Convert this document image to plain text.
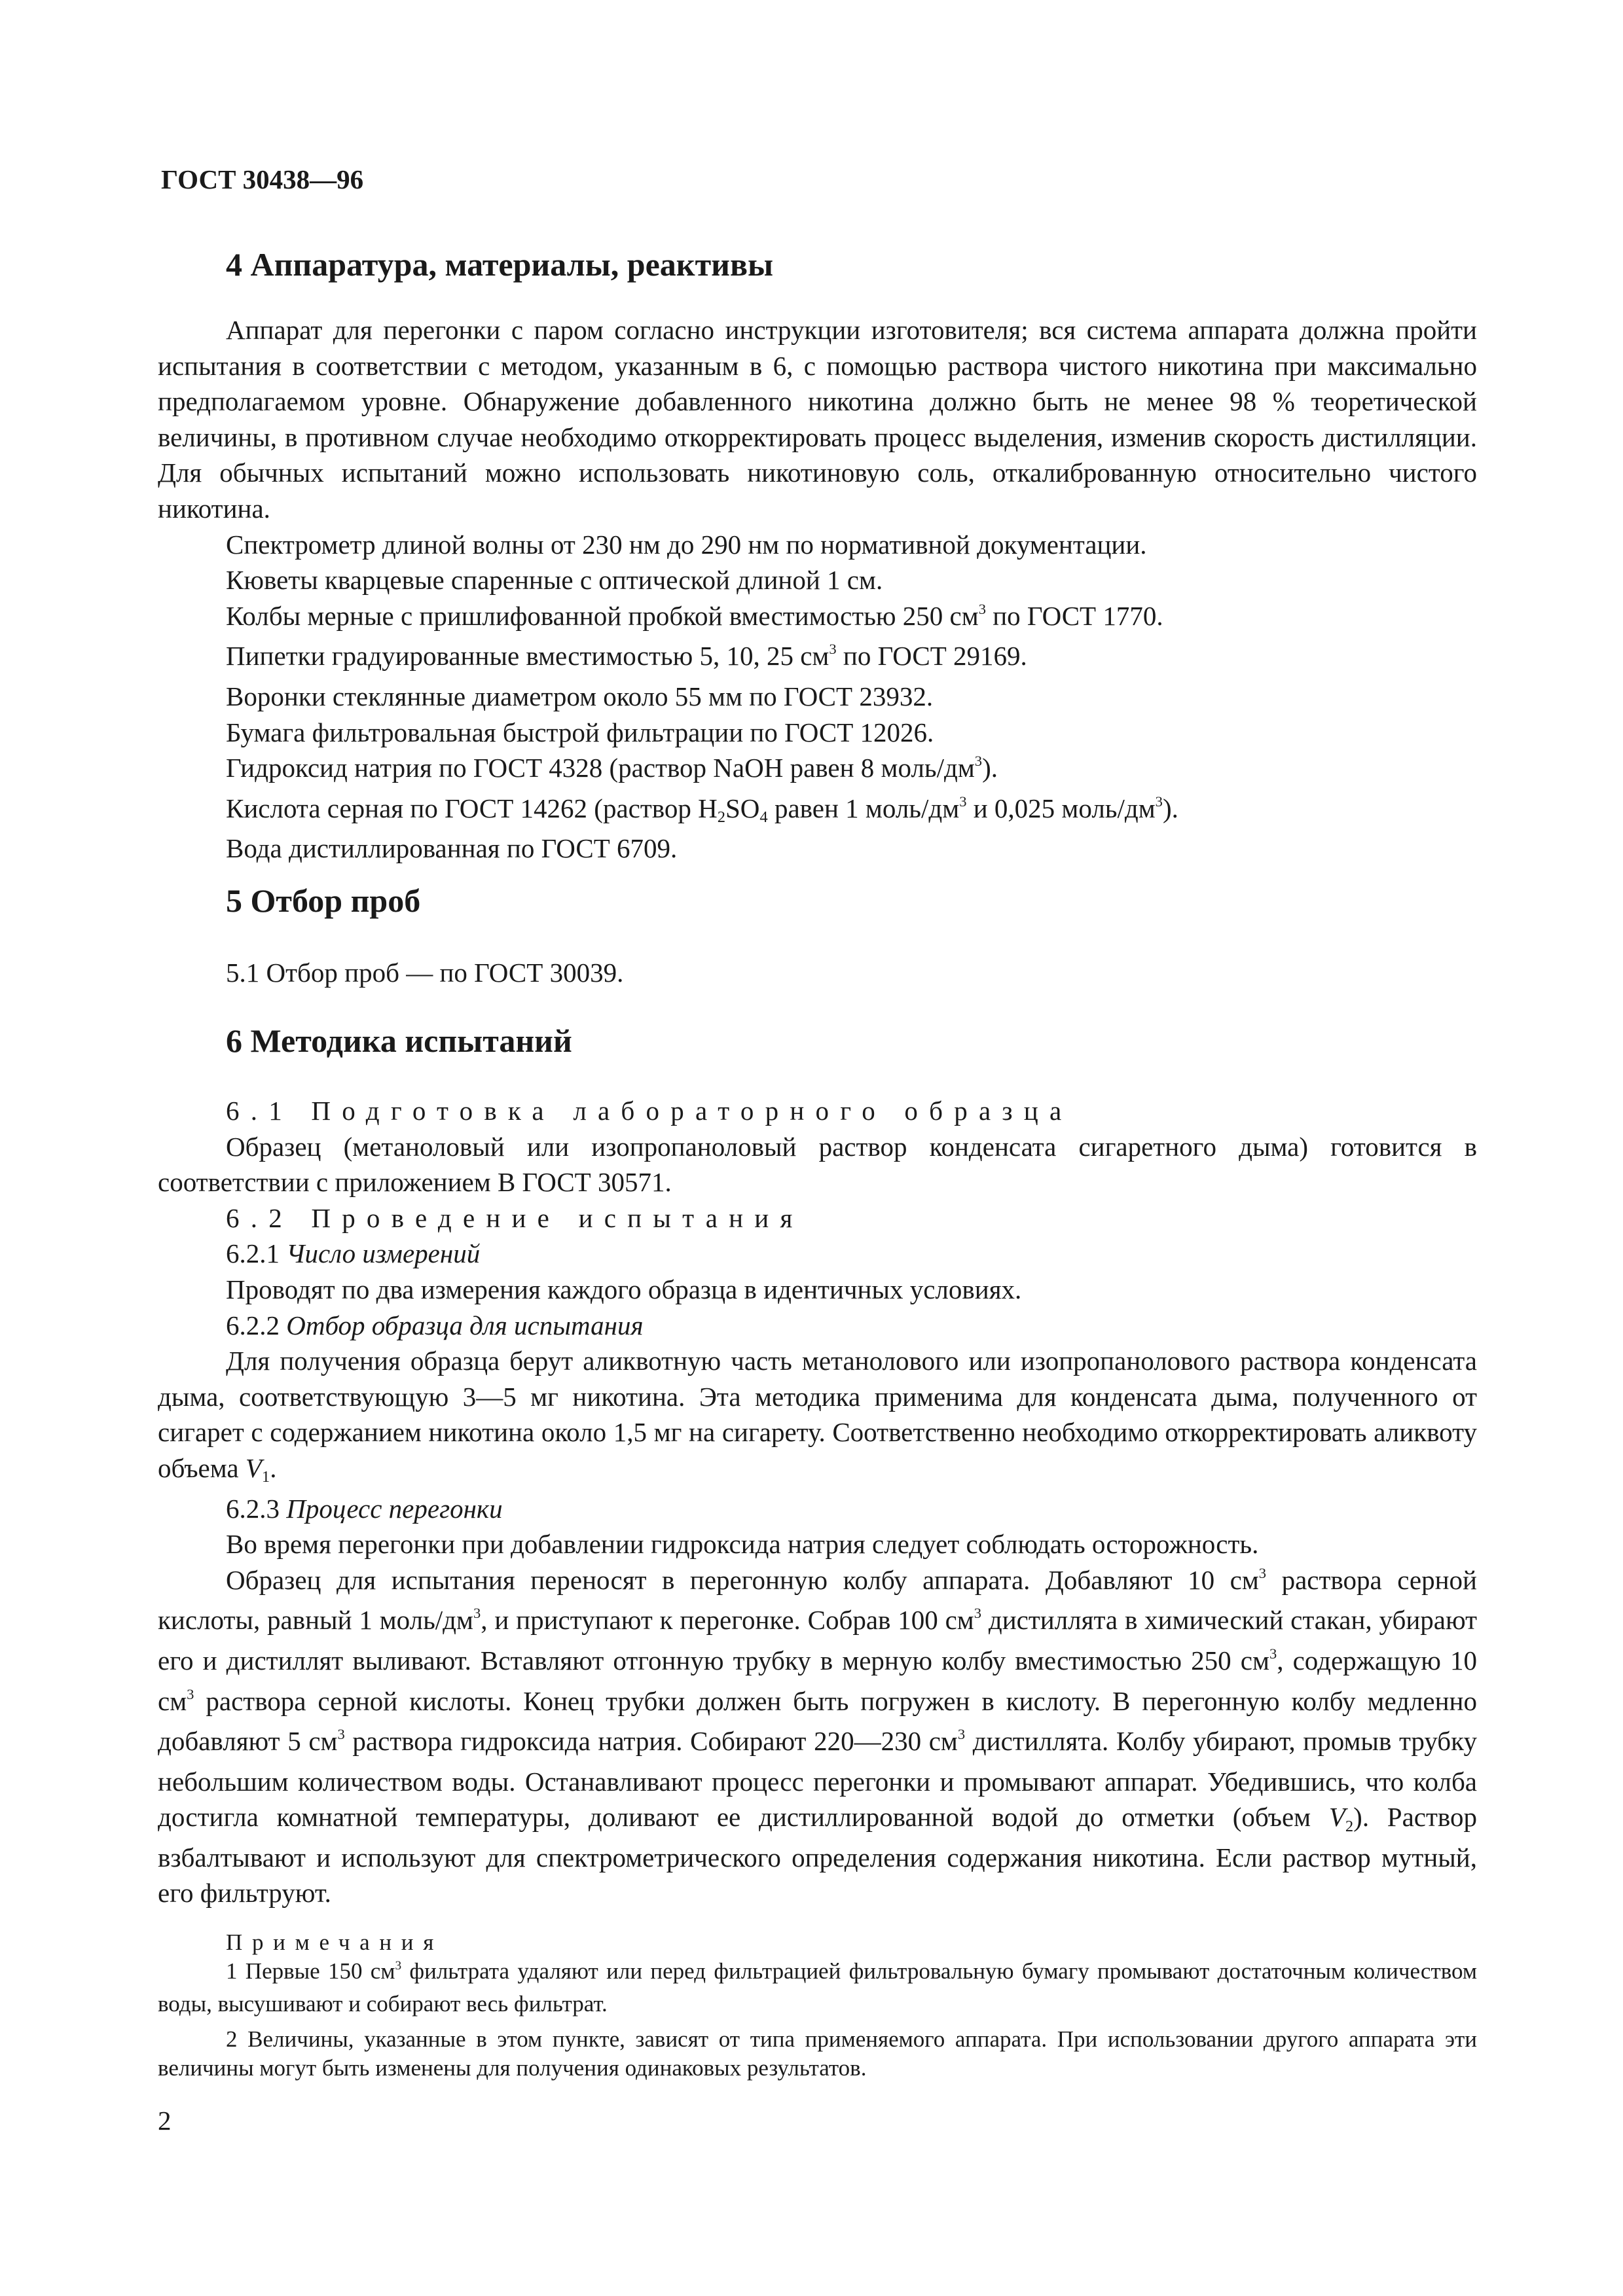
ГОСТ 30438—96
4 Аппаратура, материалы, реактивы

Аппарат для перегонки с паром согласно инструкции изготовителя; вся система аппарата должна пройти испытания в соответствии с методом, указанным в 6, с помощью раствора чистого никотина при максимально предполагаемом уровне. Обнаружение добавленного никотина должно быть не менее 98 % теоретической величины, в противном случае необходимо откорректировать процесс выделения, изменив скорость дистилляции. Для обычных испытаний можно использовать никотиновую соль, откалиброванную относительно чистого никотина.

Спектрометр длиной волны от 230 нм до 290 нм по нормативной документации.

Кюветы кварцевые спаренные с оптической длиной 1 см.

Колбы мерные с пришлифованной пробкой вместимостью 250 $см^3$ по ГОСТ 1770.

Пипетки градуированные вместимостью 5, 10, 25 $см^3$ по ГОСТ 29169.

Воронки стеклянные диаметром около 55 мм по ГОСТ 23932.

Бумага фильтровальная быстрой фильтрации по ГОСТ 12026.

Гидроксид натрия по ГОСТ 4328 (раствор NaOH равен 8 моль/$дм^3$).

Кислота серная по ГОСТ 14262 (раствор $H_2SO_4$ равен 1 моль/$дм^3$ и 0,025 моль/$дм^3$).

Вода дистиллированная по ГОСТ 6709.

5 Отбор проб

5.1 Отбор проб — по ГОСТ 30039.

6 Методика испытаний

6.1 Подготовка лабораторного образца

Образец (метаноловый или изопропаноловый раствор конденсата сигаретного дыма) готовится в соответствии с приложением В ГОСТ 30571.

6.2 Проведение испытания

6.2.1 Число измерений

Проводят по два измерения каждого образца в идентичных условиях.

6.2.2 Отбор образца для испытания

Для получения образца берут аликвотную часть метанолового или изопропанолового раствора конденсата дыма, соответствующую 3—5 мг никотина. Эта методика применима для конденсата дыма, полученного от сигарет с содержанием никотина около 1,5 мг на сигарету. Соответственно необходимо откорректировать аликвоту объема $V_1$.

6.2.3 Процесс перегонки

Во время перегонки при добавлении гидроксида натрия следует соблюдать осторожность.

Образец для испытания переносят в перегонную колбу аппарата. Добавляют 10 $см^3$ раствора серной кислоты, равный 1 моль/$дм^3$, и приступают к перегонке. Собрав 100 $см^3$ дистиллята в химический стакан, убирают его и дистиллят выливают. Вставляют отгонную трубку в мерную колбу вместимостью 250 $см^3$, содержащую 10 $см^3$ раствора серной кислоты. Конец трубки должен быть погружен в кислоту. В перегонную колбу медленно добавляют 5 $см^3$ раствора гидроксида натрия. Собирают 220—230 $см^3$ дистиллята. Колбу убирают, промыв трубку небольшим количеством воды. Останавливают процесс перегонки и промывают аппарат. Убедившись, что колба достигла комнатной температуры, доливают ее дистиллированной водой до отметки (объем $V_2$). Раствор взбалтывают и используют для спектрометрического определения содержания никотина. Если раствор мутный, его фильтруют.

Примечания

1 Первые 150 $см^3$ фильтрата удаляют или перед фильтрацией фильтровальную бумагу промывают достаточным количеством воды, высушивают и собирают весь фильтрат.

2 Величины, указанные в этом пункте, зависят от типа применяемого аппарата. При использовании другого аппарата эти величины могут быть изменены для получения одинаковых результатов.

2
